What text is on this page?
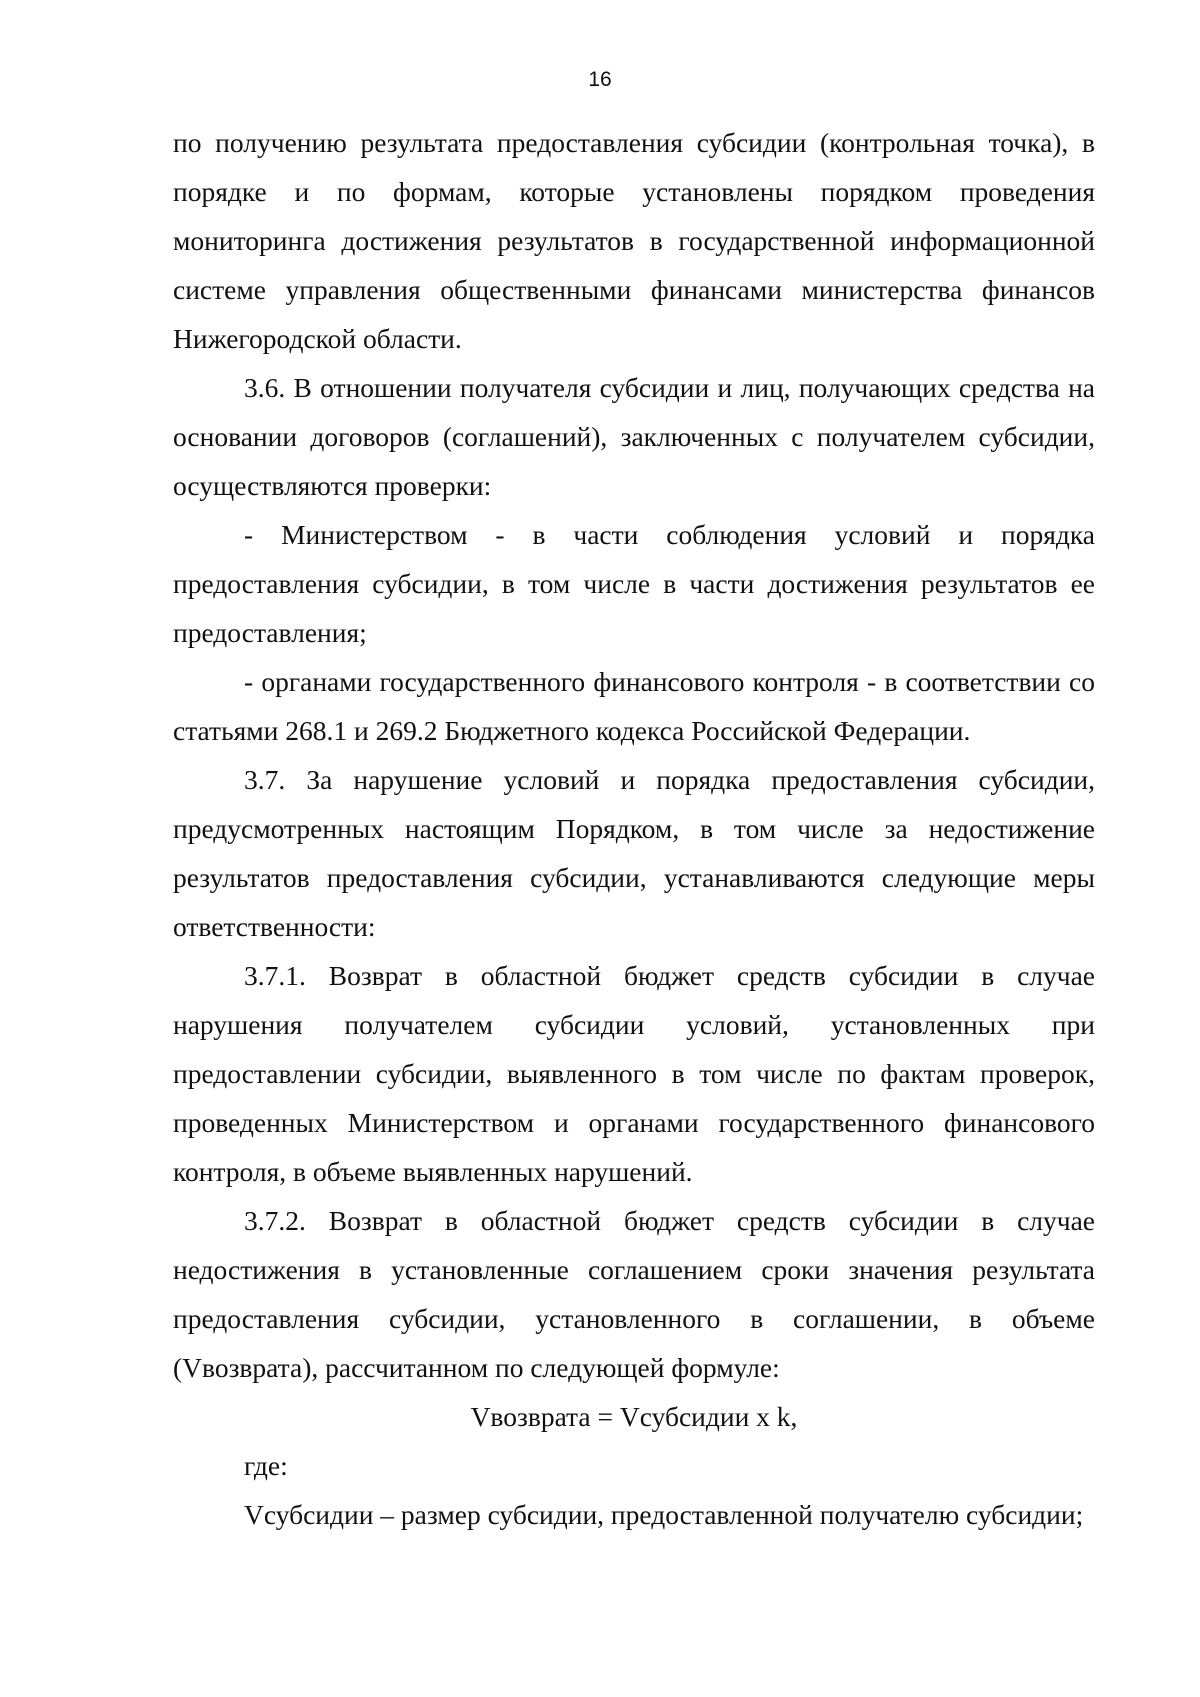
16

по получению результата предоставления субсидии (контрольная точка), в порядке и по формам, которые установлены порядком проведения мониторинга достижения результатов в государственной информационной системе управления общественными финансами министерства финансов Нижегородской области.

3.6. В отношении получателя субсидии и лиц, получающих средства на основании договоров (соглашений), заключенных с получателем субсидии, осуществляются проверки:

- Министерством - в части соблюдения условий и порядка предоставления субсидии, в том числе в части достижения результатов ее предоставления;

- органами государственного финансового контроля - в соответствии со статьями 268.1 и 269.2 Бюджетного кодекса Российской Федерации.

3.7. За нарушение условий и порядка предоставления субсидии, предусмотренных настоящим Порядком, в том числе за недостижение результатов предоставления субсидии, устанавливаются следующие меры ответственности:

3.7.1. Возврат в областной бюджет средств субсидии в случае нарушения получателем субсидии условий, установленных при предоставлении субсидии, выявленного в том числе по фактам проверок, проведенных Министерством и органами государственного финансового контроля, в объеме выявленных нарушений.

3.7.2. Возврат в областной бюджет средств субсидии в случае недостижения в установленные соглашением сроки значения результата предоставления субсидии, установленного в соглашении, в объеме (Vвозврата), рассчитанном по следующей формуле:

Vвозврата = Vсубсидии x k,

где:

Vсубсидии – размер субсидии, предоставленной получателю субсидии;
